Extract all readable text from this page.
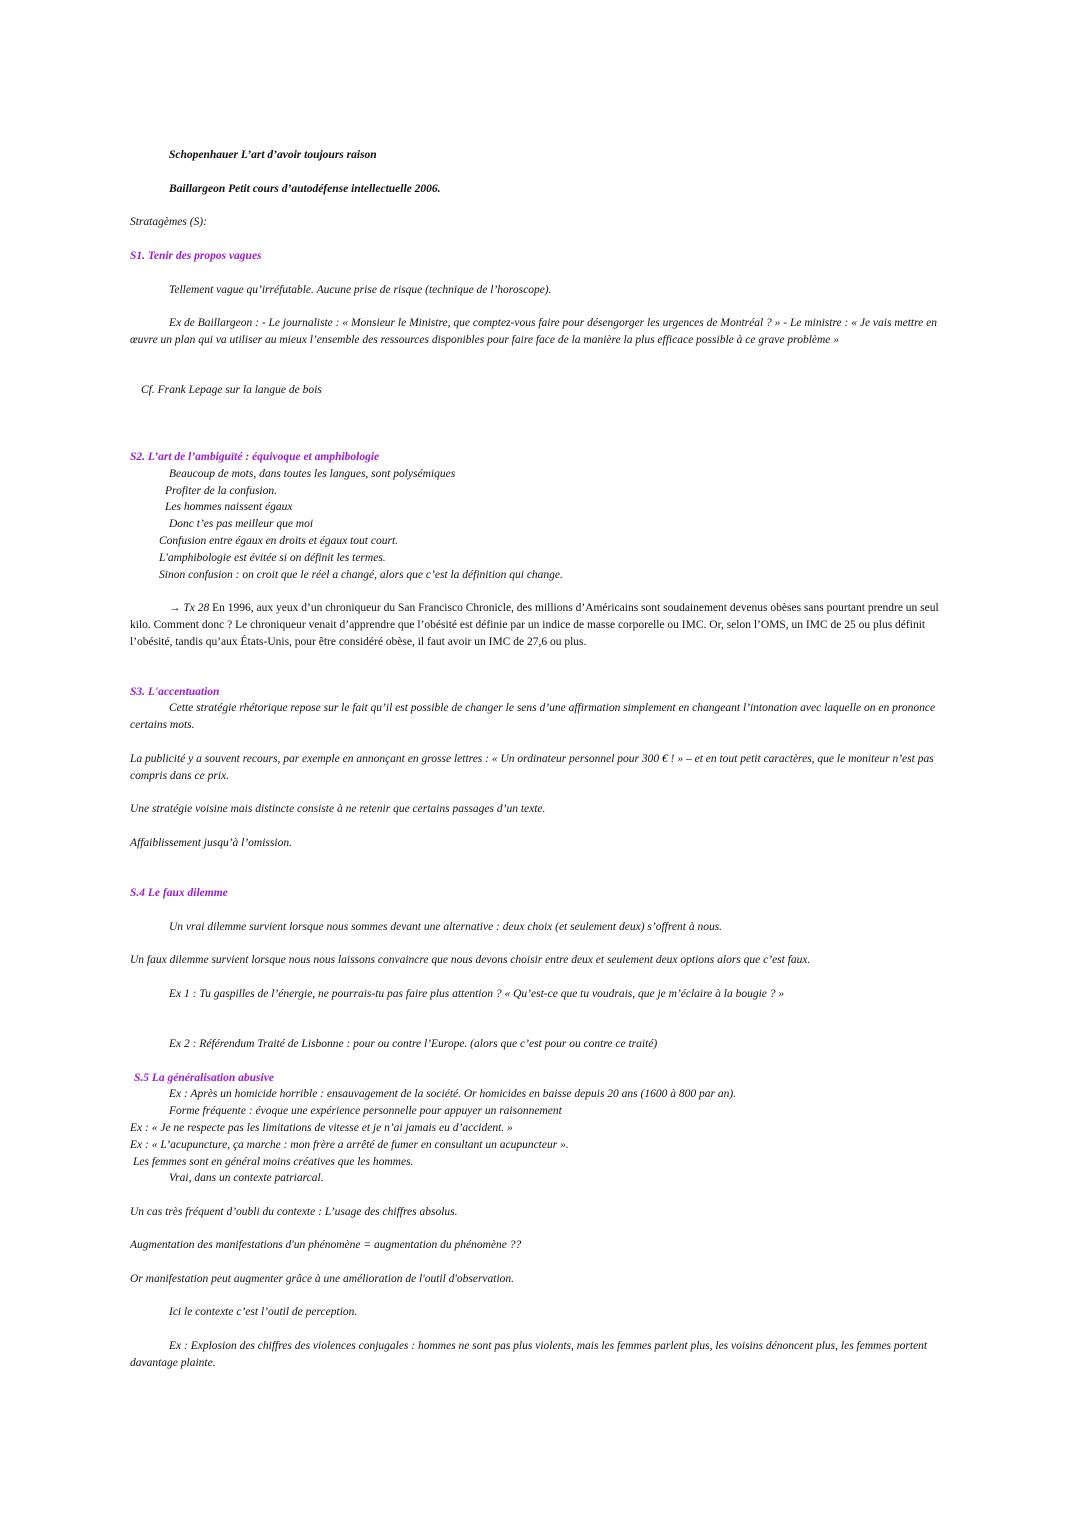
Schopenhauer L’art d’avoir toujours raison
Baillargeon Petit cours d’autodéfense intellectuelle 2006.
Stratagèmes (S):
S1. Tenir des propos vagues
Tellement vague qu’irréfutable. Aucune prise de risque (technique de l’horoscope).
Ex de Baillargeon : - Le journaliste : « Monsieur le Ministre, que comptez-vous faire pour désengorger les urgences de Montréal ? » - Le ministre : « Je vais mettre en œuvre un plan qui va utiliser au mieux l’ensemble des ressources disponibles pour faire face de la manière la plus efficace possible à ce grave problème »
Cf. Frank Lepage sur la langue de bois
S2. L’art de l’ambiguïté : équivoque et amphibologie
Beaucoup de mots, dans toutes les langues, sont polysémiques
Profiter de la confusion.
Les hommes naissent égaux
Donc t’es pas meilleur que moi
Confusion entre égaux en droits et égaux tout court.
L'amphibologie est évitée si on définit les termes.
Sinon confusion : on croit que le réel a changé, alors que c’est la définition qui change.
→ Tx 28 En 1996, aux yeux d’un chroniqueur du San Francisco Chronicle, des millions d’Américains sont soudainement devenus obèses sans pourtant prendre un seul kilo. Comment donc ? Le chroniqueur venait d’apprendre que l’obésité est définie par un indice de masse corporelle ou IMC. Or, selon l’OMS, un IMC de 25 ou plus définit l’obésité, tandis qu’aux États-Unis, pour être considéré obèse, il faut avoir un IMC de 27,6 ou plus.
S3. L'accentuation
Cette stratégie rhétorique repose sur le fait qu’il est possible de changer le sens d’une affirmation simplement en changeant l’intonation avec laquelle on en prononce certains mots.
La publicité y a souvent recours, par exemple en annonçant en grosse lettres : « Un ordinateur personnel pour 300 € ! » – et en tout petit caractères, que le moniteur n’est pas compris dans ce prix.
Une stratégie voisine mais distincte consiste à ne retenir que certains passages d’un texte.
Affaiblissement jusqu’à l’omission.
S.4 Le faux dilemme
Un vrai dilemme survient lorsque nous sommes devant une alternative : deux choix (et seulement deux) s’offrent à nous.
Un faux dilemme survient lorsque nous nous laissons convaincre que nous devons choisir entre deux et seulement deux options alors que c’est faux.
Ex 1 : Tu gaspilles de l’énergie, ne pourrais-tu pas faire plus attention ? « Qu’est-ce que tu voudrais, que je m’éclaire à la bougie ? »
Ex 2 : Référendum Traité de Lisbonne : pour ou contre l’Europe. (alors que c’est pour ou contre ce traité)
S.5 La généralisation abusive
Ex : Après un homicide horrible : ensauvagement de la société. Or homicides en baisse depuis 20 ans (1600 à 800 par an).
Forme fréquente : évoque une expérience personnelle pour appuyer un raisonnement
Ex : « Je ne respecte pas les limitations de vitesse et je n’ai jamais eu d’accident. »
Ex : « L’acupuncture, ça marche : mon frère a arrêté de fumer en consultant un acupuncteur ».
Les femmes sont en général moins créatives que les hommes.
Vrai, dans un contexte patriarcal.
Un cas très fréquent d’oubli du contexte : L’usage des chiffres absolus.
Augmentation des manifestations d'un phénomène = augmentation du phénomène ??
Or manifestation peut augmenter grâce à une amélioration de l'outil d'observation.
Ici le contexte c’est l’outil de perception.
Ex : Explosion des chiffres des violences conjugales : hommes ne sont pas plus violents, mais les femmes parlent plus, les voisins dénoncent plus, les femmes portent davantage plainte.
